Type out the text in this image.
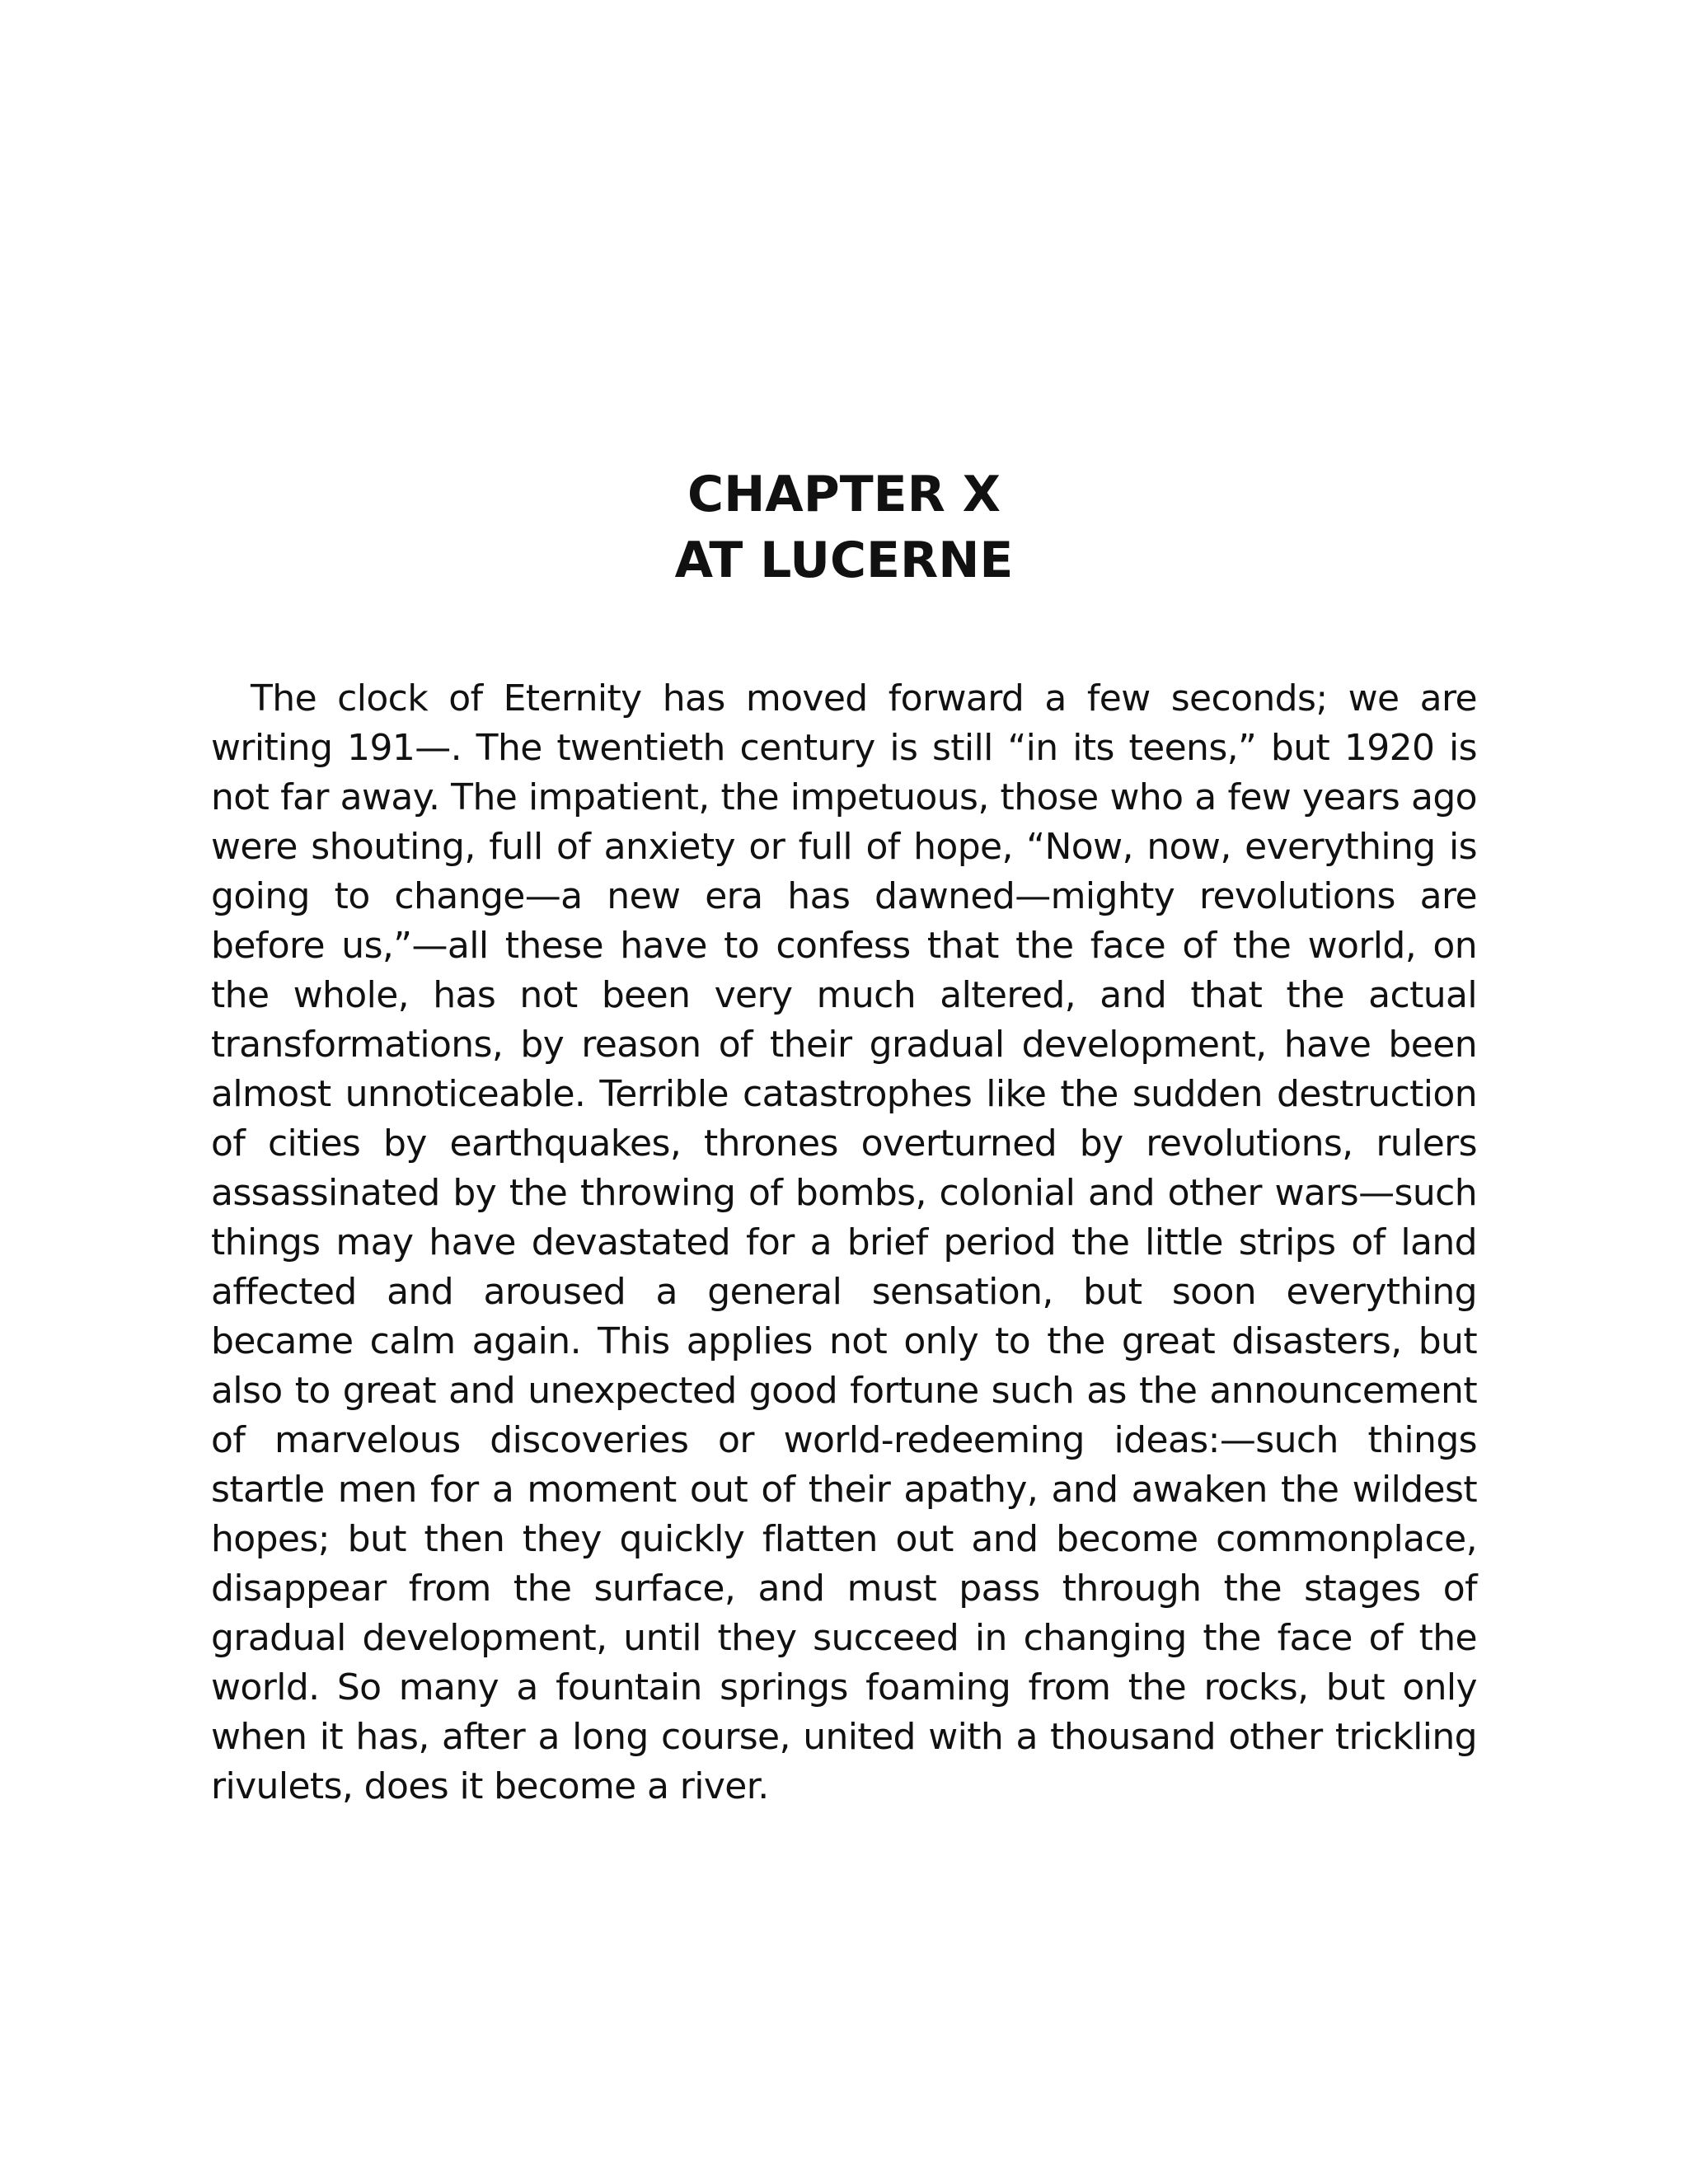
CHAPTER X
AT LUCERNE

The clock of Eternity has moved forward a few seconds; we are writing 191—. The twentieth century is still “in its teens,” but 1920 is not far away. The impatient, the impetuous, those who a few years ago were shouting, full of anxiety or full of hope, “Now, now, everything is going to change—a new era has dawned—mighty revolutions are before us,”—all these have to confess that the face of the world, on the whole, has not been very much altered, and that the actual transformations, by reason of their gradual development, have been almost unnoticeable. Terrible catastrophes like the sudden destruction of cities by earthquakes, thrones overturned by revolutions, rulers assassinated by the throwing of bombs, colonial and other wars—such things may have devastated for a brief period the little strips of land affected and aroused a general sensation, but soon everything became calm again. This applies not only to the great disasters, but also to great and unexpected good fortune such as the announcement of marvelous discoveries or world-redeeming ideas:—such things startle men for a moment out of their apathy, and awaken the wildest hopes; but then they quickly flatten out and become commonplace, disappear from the surface, and must pass through the stages of gradual development, until they succeed in changing the face of the world. So many a fountain springs foaming from the rocks, but only when it has, after a long course, united with a thousand other trickling rivulets, does it become a river.
